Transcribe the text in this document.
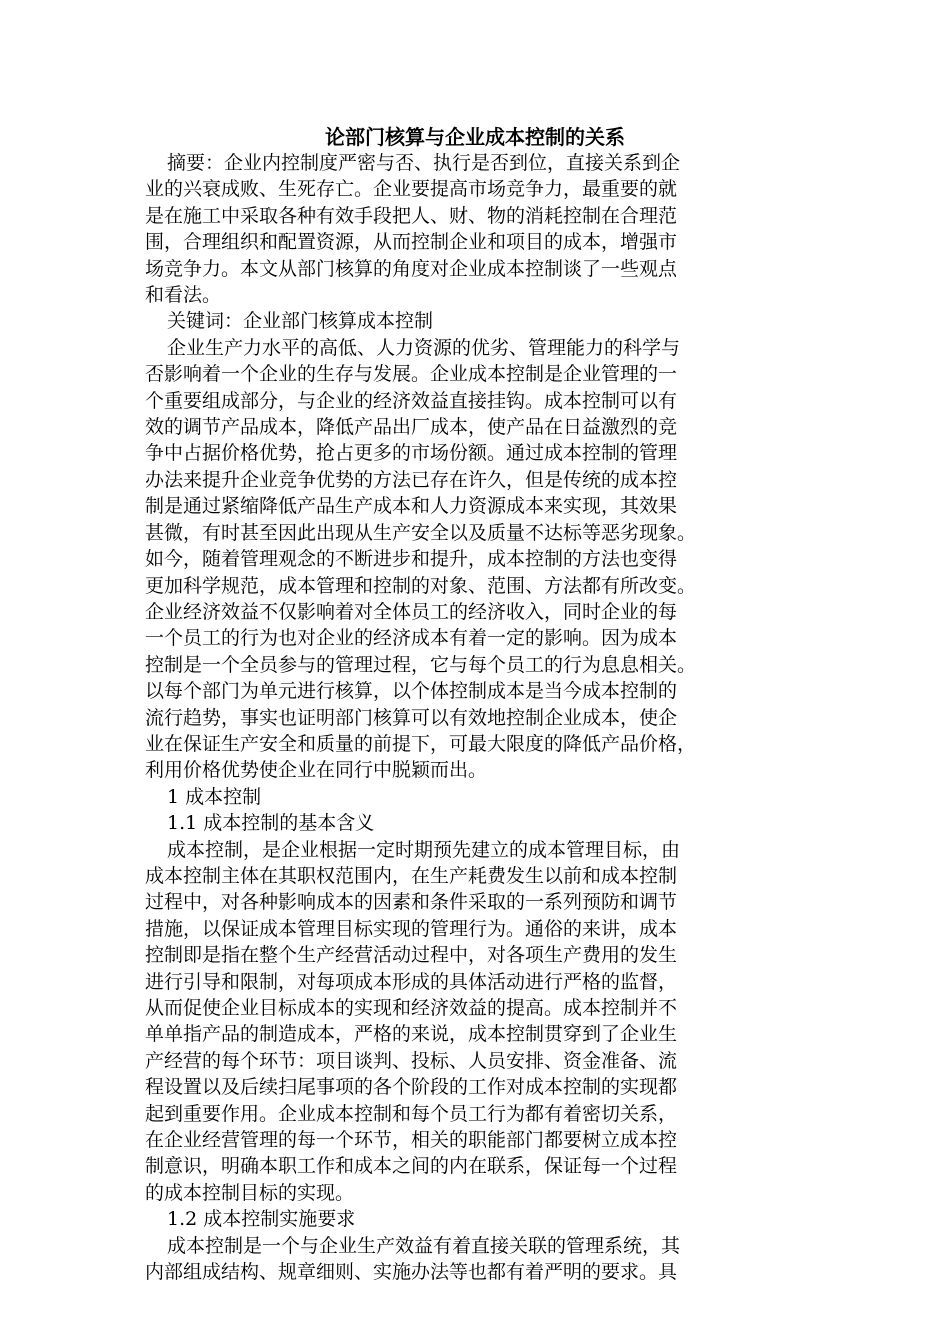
论部门核算与企业成本控制的关系
摘要：企业内控制度严密与否、执行是否到位，直接关系到企
业的兴衰成败、生死存亡。企业要提高市场竞争力，最重要的就
是在施工中采取各种有效手段把人、财、物的消耗控制在合理范
围，合理组织和配置资源，从而控制企业和项目的成本，增强市
场竞争力。本文从部门核算的角度对企业成本控制谈了一些观点
和看法。
关键词：企业部门核算成本控制
企业生产力水平的高低、人力资源的优劣、管理能力的科学与
否影响着一个企业的生存与发展。企业成本控制是企业管理的一
个重要组成部分，与企业的经济效益直接挂钩。成本控制可以有
效的调节产品成本，降低产品出厂成本，使产品在日益激烈的竞
争中占据价格优势，抢占更多的市场份额。通过成本控制的管理
办法来提升企业竞争优势的方法已存在许久，但是传统的成本控
制是通过紧缩降低产品生产成本和人力资源成本来实现，其效果
甚微，有时甚至因此出现从生产安全以及质量不达标等恶劣现象。
如今，随着管理观念的不断进步和提升，成本控制的方法也变得
更加科学规范，成本管理和控制的对象、范围、方法都有所改变。
企业经济效益不仅影响着对全体员工的经济收入，同时企业的每
一个员工的行为也对企业的经济成本有着一定的影响。因为成本
控制是一个全员参与的管理过程，它与每个员工的行为息息相关。
以每个部门为单元进行核算，以个体控制成本是当今成本控制的
流行趋势，事实也证明部门核算可以有效地控制企业成本，使企
业在保证生产安全和质量的前提下，可最大限度的降低产品价格，
利用价格优势使企业在同行中脱颖而出。
1 成本控制
1.1 成本控制的基本含义
成本控制，是企业根据一定时期预先建立的成本管理目标，由
成本控制主体在其职权范围内，在生产耗费发生以前和成本控制
过程中，对各种影响成本的因素和条件采取的一系列预防和调节
措施，以保证成本管理目标实现的管理行为。通俗的来讲，成本
控制即是指在整个生产经营活动过程中，对各项生产费用的发生
进行引导和限制，对每项成本形成的具体活动进行严格的监督，
从而促使企业目标成本的实现和经济效益的提高。成本控制并不
单单指产品的制造成本，严格的来说，成本控制贯穿到了企业生
产经营的每个环节：项目谈判、投标、人员安排、资金准备、流
程设置以及后续扫尾事项的各个阶段的工作对成本控制的实现都
起到重要作用。企业成本控制和每个员工行为都有着密切关系，
在企业经营管理的每一个环节，相关的职能部门都要树立成本控
制意识，明确本职工作和成本之间的内在联系，保证每一个过程
的成本控制目标的实现。
1.2 成本控制实施要求
成本控制是一个与企业生产效益有着直接关联的管理系统，其
内部组成结构、规章细则、实施办法等也都有着严明的要求。具
